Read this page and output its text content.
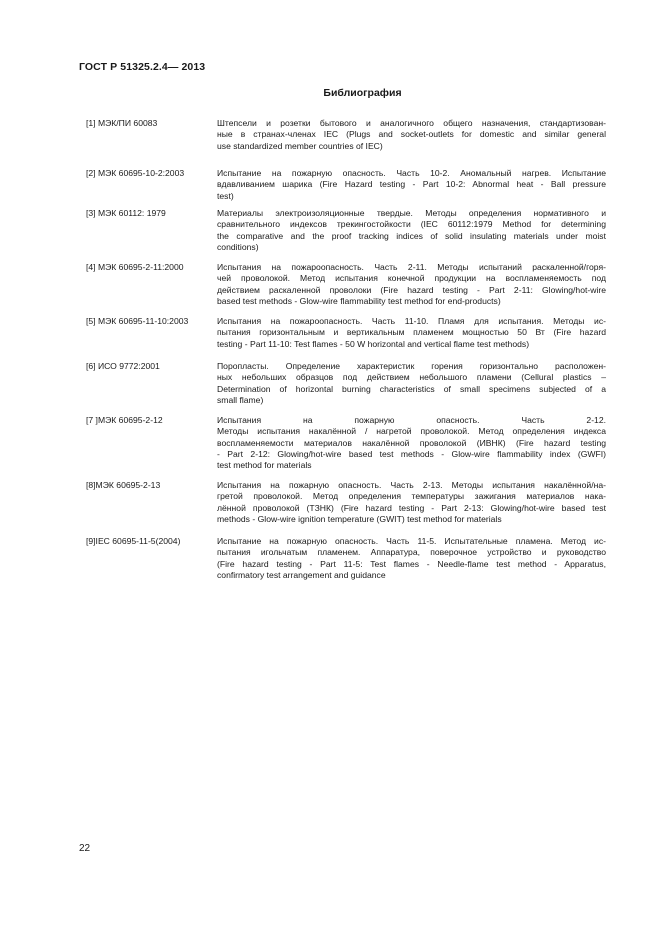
ГОСТ Р 51325.2.4— 2013
Библиография
[1] МЭК/ПИ 60083	Штепсели и розетки бытового и аналогичного общего назначения, стандартизован-
ные в странах-членах IEC (Plugs and socket-outlets for domestic and similar general
use standardized member countries of IEC)
[2] МЭК 60695-10-2:2003	Испытание на пожарную опасность. Часть 10-2. Аномальный нагрев. Испытание
вдавливанием шарика (Fire Hazard testing - Part 10-2: Abnormal heat - Ball pressure
test)
[3] МЭК 60112: 1979	Материалы электроизоляционные твердые. Методы определения нормативного и
сравнительного индексов трекингостойкости (IEC 60112:1979 Method for determining
the comparative and the proof tracking indices of solid insulating materials under moist
conditions)
[4] МЭК 60695-2-11:2000	Испытания на пожароопасность. Часть 2-11. Методы испытаний раскаленной/горя-
чей проволокой. Метод испытания конечной продукции на воспламеняемость под
действием раскаленной проволоки (Fire hazard testing - Part 2-11: Glowing/hot-wire
based test methods - Glow-wire flammability test method for end-products)
[5] МЭК 60695-11-10:2003	Испытания на пожароопасность. Часть 11-10. Пламя для испытания. Методы ис-
пытания горизонтальным и вертикальным пламенем мощностью 50 Вт (Fire hazard
testing - Part 11-10: Test flames - 50 W horizontal and vertical flame test methods)
[6] ИСО 9772:2001	Поропласты. Определение характеристик горения горизонтально расположен-
ных небольших образцов под действием небольшого пламени (Cellural plastics –
Determination of horizontal burning characteristics of small specimens subjected of a
small flame)
[7 ]МЭК 60695-2-12	Испытания на пожарную опасность. Часть 2-12.
Методы испытания накалённой / нагретой проволокой. Метод определения индекса
воспламеняемости материалов накалённой проволокой (ИВНК) (Fire hazard testing
- Part 2-12: Glowing/hot-wire based test methods - Glow-wire flammability index (GWFI)
test method for materials
[8]МЭК 60695-2-13	Испытания на пожарную опасность. Часть 2-13. Методы испытания накалённой/на-
гретой проволокой. Метод определения температуры зажигания материалов нака-
лённой проволокой (ТЗНК) (Fire hazard testing - Part 2-13: Glowing/hot-wire based test
methods - Glow-wire ignition temperature (GWIT) test method for materials
[9]IEC 60695-11-5(2004)	Испытание на пожарную опасность. Часть 11-5. Испытательные пламена. Метод ис-
пытания игольчатым пламенем. Аппаратура, поверочное устройство и руководство
(Fire hazard testing - Part 11-5: Test flames - Needle-flame test method - Apparatus,
confirmatory test arrangement and guidance
22
